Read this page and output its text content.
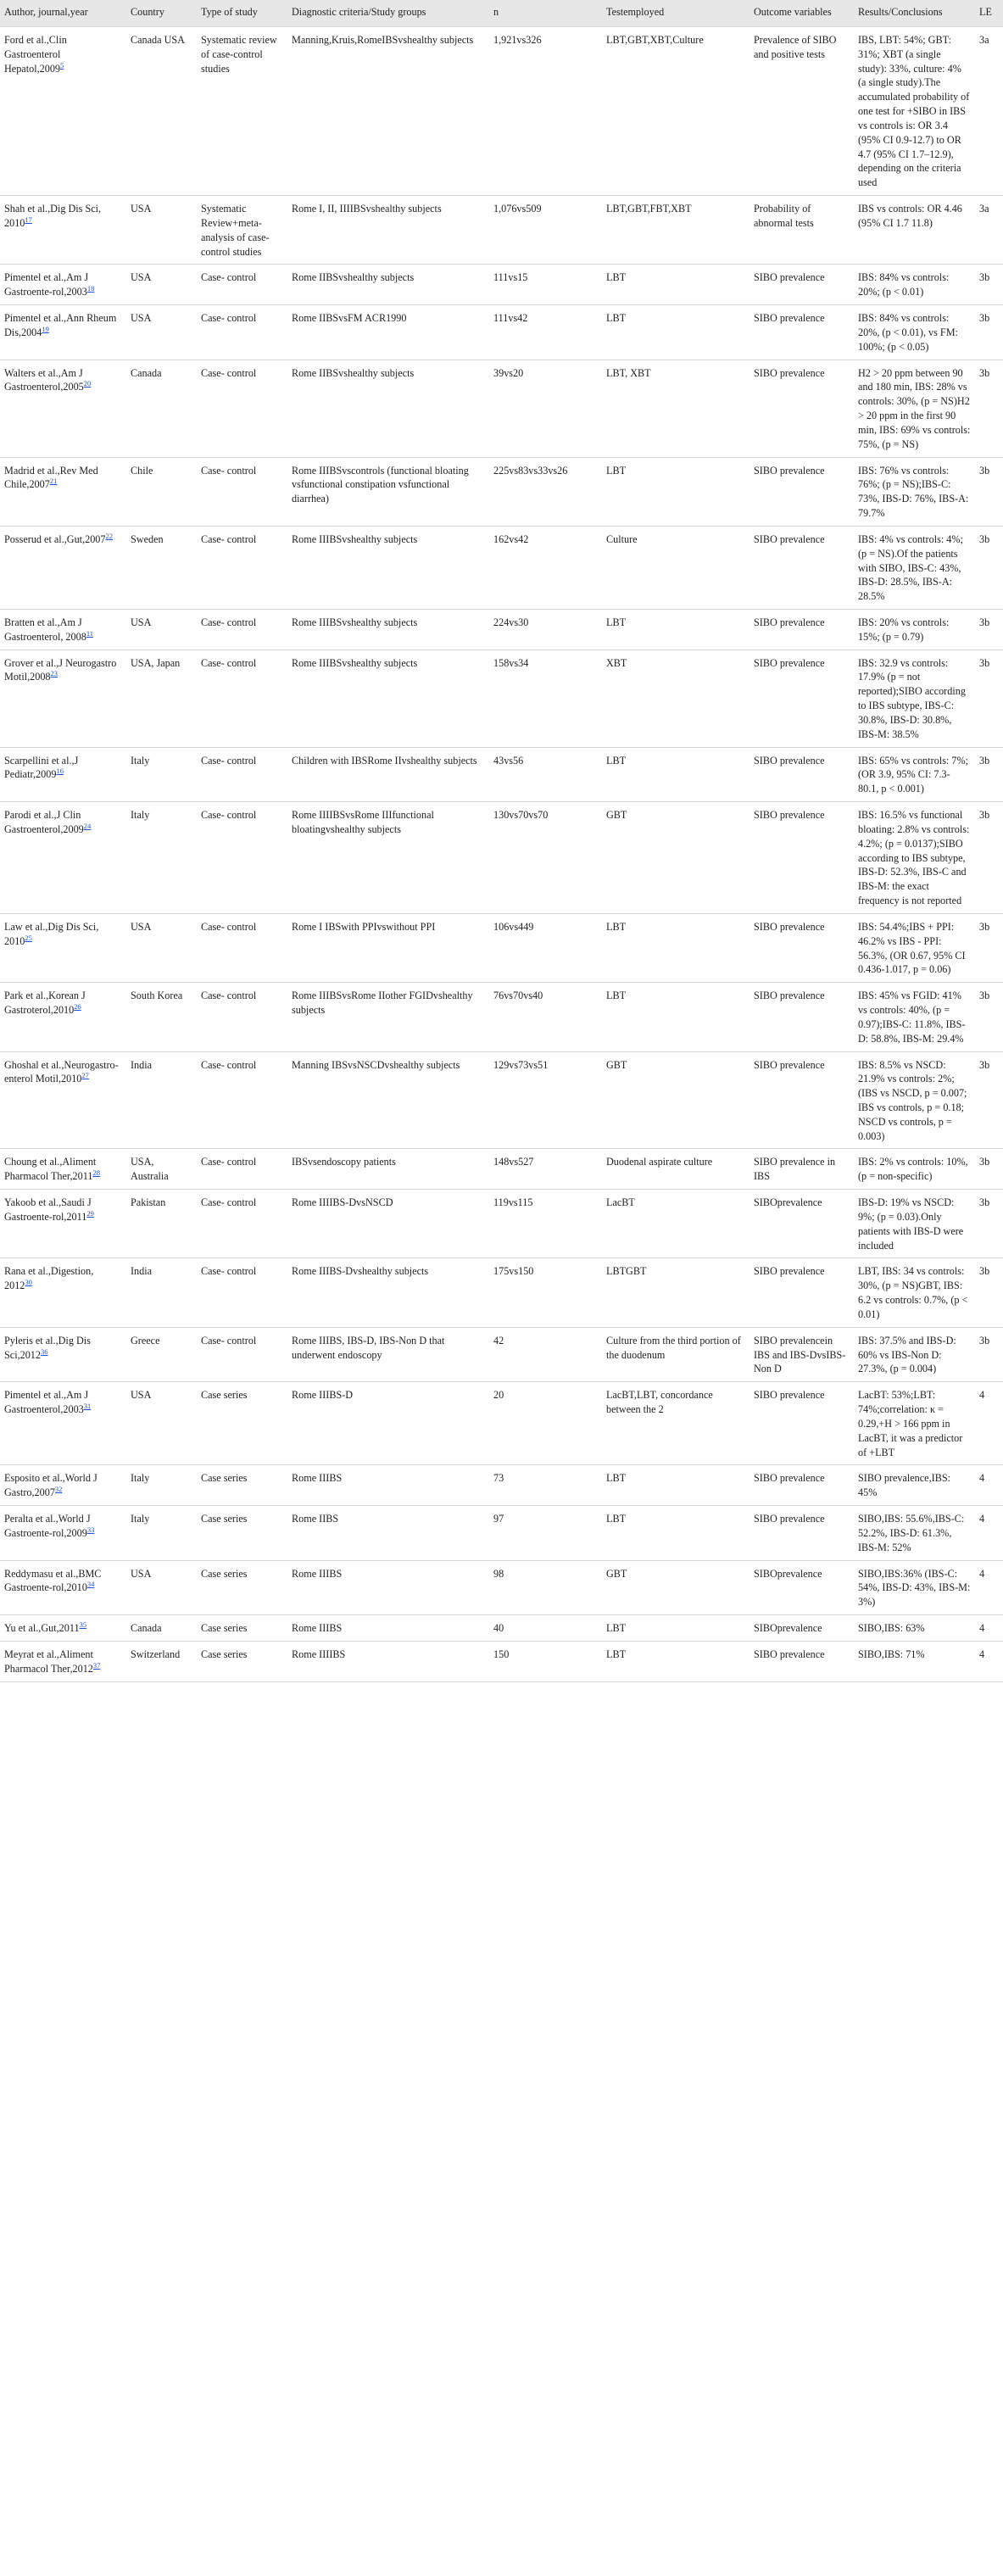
Author, journal,year	Country	Type of study	Diagnostic criteria/Study groups	n	Testemployed	Outcome variables	Results/Conclusions	LE
Ford et al.,Clin Gastroenterol Hepatol,2009$^5$	Canada USA	Systematic review of case-control studies	Manning,Kruis,RomeIBSvshealthy subjects	1,921vs326	LBT,GBT,XBT,Culture	Prevalence of SIBO and positive tests	IBS, LBT: 54%; GBT: 31%; XBT (a single study): 33%, culture: 4% (a single study).The accumulated probability of one test for +SIBO in IBS vs controls is: OR 3.4 (95% CI 0.9-12.7) to OR 4.7 (95% CI 1.7–12.9), depending on the criteria used	3a
Shah et al.,Dig Dis Sci, 2010$^{17}$	USA	Systematic Review+meta-analysis of case-control studies	Rome I, II, IIIIBSvshealthy subjects	1,076vs509	LBT,GBT,FBT,XBT	Probability of abnormal tests	IBS vs controls: OR 4.46 (95% CI 1.7 11.8)	3a
Pimentel et al.,Am J Gastroente-rol,2003$^{18}$	USA	Case- control	Rome IIBSvshealthy subjects	111vs15	LBT	SIBO prevalence	IBS: 84% vs controls: 20%; (p < 0.01)	3b
Pimentel et al.,Ann Rheum Dis,2004$^{19}$	USA	Case- control	Rome IIBSvsFM ACR1990	111vs42	LBT	SIBO prevalence	IBS: 84% vs controls: 20%, (p < 0.01), vs FM: 100%; (p < 0.05)	3b
Walters et al.,Am J Gastroenterol,2005$^{20}$	Canada	Case- control	Rome IIBSvshealthy subjects	39vs20	LBT, XBT	SIBO prevalence	H2 > 20 ppm between 90 and 180 min, IBS: 28% vs controls: 30%, (p = NS)H2 > 20 ppm in the first 90 min, IBS: 69% vs controls: 75%, (p = NS)	3b
Madrid et al.,Rev Med Chile,2007$^{21}$	Chile	Case- control	Rome IIIBSvscontrols (functional bloating vsfunctional constipation vsfunctional diarrhea)	225vs83vs33vs26	LBT	SIBO prevalence	IBS: 76% vs controls: 76%; (p = NS);IBS-C: 73%, IBS-D: 76%, IBS-A: 79.7%	3b
Posserud et al.,Gut,2007$^{22}$	Sweden	Case- control	Rome IIIBSvshealthy subjects	162vs42	Culture	SIBO prevalence	IBS: 4% vs controls: 4%; (p = NS).Of the patients with SIBO, IBS-C: 43%, IBS-D: 28.5%, IBS-A: 28.5%	3b
Bratten et al.,Am J Gastroenterol, 2008$^{11}$	USA	Case- control	Rome IIIBSvshealthy subjects	224vs30	LBT	SIBO prevalence	IBS: 20% vs controls: 15%; (p = 0.79)	3b
Grover et al.,J Neurogastro Motil,2008$^{23}$	USA, Japan	Case- control	Rome IIIBSvshealthy subjects	158vs34	XBT	SIBO prevalence	IBS: 32.9 vs controls: 17.9% (p = not reported);SIBO according to IBS subtype, IBS-C: 30.8%, IBS-D: 30.8%, IBS-M: 38.5%	3b
Scarpellini et al.,J Pediatr,2009$^{16}$	Italy	Case- control	Children with IBSRome IIvshealthy subjects	43vs56	LBT	SIBO prevalence	IBS: 65% vs controls: 7%; (OR 3.9, 95% CI: 7.3-80.1, p < 0.001)	3b
Parodi et al.,J Clin Gastroenterol,2009$^{24}$	Italy	Case- control	Rome IIIIBSvsRome IIIfunctional bloatingvshealthy subjects	130vs70vs70	GBT	SIBO prevalence	IBS: 16.5% vs functional bloating: 2.8% vs controls: 4.2%; (p = 0.0137);SIBO according to IBS subtype, IBS-D: 52.3%, IBS-C and IBS-M: the exact frequency is not reported	3b
Law et al.,Dig Dis Sci, 2010$^{25}$	USA	Case- control	Rome I IBSwith PPIvswithout PPI	106vs449	LBT	SIBO prevalence	IBS: 54.4%;IBS + PPI: 46.2% vs IBS - PPI: 56.3%, (OR 0.67, 95% CI 0.436-1.017, p = 0.06)	3b
Park et al.,Korean J Gastroterol,2010$^{26}$	South Korea	Case- control	Rome IIIBSvsRome IIother FGIDvshealthy subjects	76vs70vs40	LBT	SIBO prevalence	IBS: 45% vs FGID: 41% vs controls: 40%, (p = 0.97);IBS-C: 11.8%, IBS-D: 58.8%, IBS-M: 29.4%	3b
Ghoshal et al.,Neurogastro-enterol Motil,2010$^{27}$	India	Case- control	Manning IBSvsNSCDvshealthy subjects	129vs73vs51	GBT	SIBO prevalence	IBS: 8.5% vs NSCD: 21.9% vs controls: 2%; (IBS vs NSCD, p = 0.007; IBS vs controls, p = 0.18; NSCD vs controls, p = 0.003)	3b
Choung et al.,Aliment Pharmacol Ther,2011$^{28}$	USA, Australia	Case- control	IBSvsendoscopy patients	148vs527	Duodenal aspirate culture	SIBO prevalence in IBS	IBS: 2% vs controls: 10%, (p = non-specific)	3b
Yakoob et al.,Saudi J Gastroente-rol,2011$^{29}$	Pakistan	Case- control	Rome IIIIBS-DvsNSCD	119vs115	LacBT	SIBOprevalence	IBS-D: 19% vs NSCD: 9%; (p = 0.03).Only patients with IBS-D were included	3b
Rana et al.,Digestion, 2012$^{30}$	India	Case- control	Rome IIIBS-Dvshealthy subjects	175vs150	LBTGBT	SIBO prevalence	LBT, IBS: 34 vs controls: 30%, (p = NS)GBT, IBS: 6.2 vs controls: 0.7%, (p < 0.01)	3b
Pyleris et al.,Dig Dis Sci,2012$^{36}$	Greece	Case- control	Rome IIIBS, IBS-D, IBS-Non D that underwent endoscopy	42	Culture from the third portion of the duodenum	SIBO prevalencein IBS and IBS-DvsIBS-Non D	IBS: 37.5% and IBS-D: 60% vs IBS-Non D: 27.3%, (p = 0.004)	3b
Pimentel et al.,Am J Gastroenterol,2003$^{31}$	USA	Case series	Rome IIIBS-D	20	LacBT,LBT, concordance between the 2	SIBO prevalence	LacBT: 53%;LBT: 74%;correlation: κ = 0.29,+H > 166 ppm in LacBT, it was a predictor of +LBT	4
Esposito et al.,World J Gastro,2007$^{32}$	Italy	Case series	Rome IIIBS	73	LBT	SIBO prevalence	SIBO prevalence,IBS: 45%	4
Peralta et al.,World J Gastroente-rol,2009$^{33}$	Italy	Case series	Rome IIBS	97	LBT	SIBO prevalence	SIBO,IBS: 55.6%,IBS-C: 52.2%, IBS-D: 61.3%, IBS-M: 52%	4
Reddymasu et al.,BMC Gastroente-rol,2010$^{34}$	USA	Case series	Rome IIIBS	98	GBT	SIBOprevalence	SIBO,IBS:36% (IBS-C: 54%, IBS-D: 43%, IBS-M: 3%)	4
Yu et al.,Gut,2011$^{35}$	Canada	Case series	Rome IIIBS	40	LBT	SIBOprevalence	SIBO,IBS: 63%	4
Meyrat et al.,Aliment Pharmacol Ther,2012$^{37}$	Switzerland	Case series	Rome IIIIBS	150	LBT	SIBO prevalence	SIBO,IBS: 71%	4
